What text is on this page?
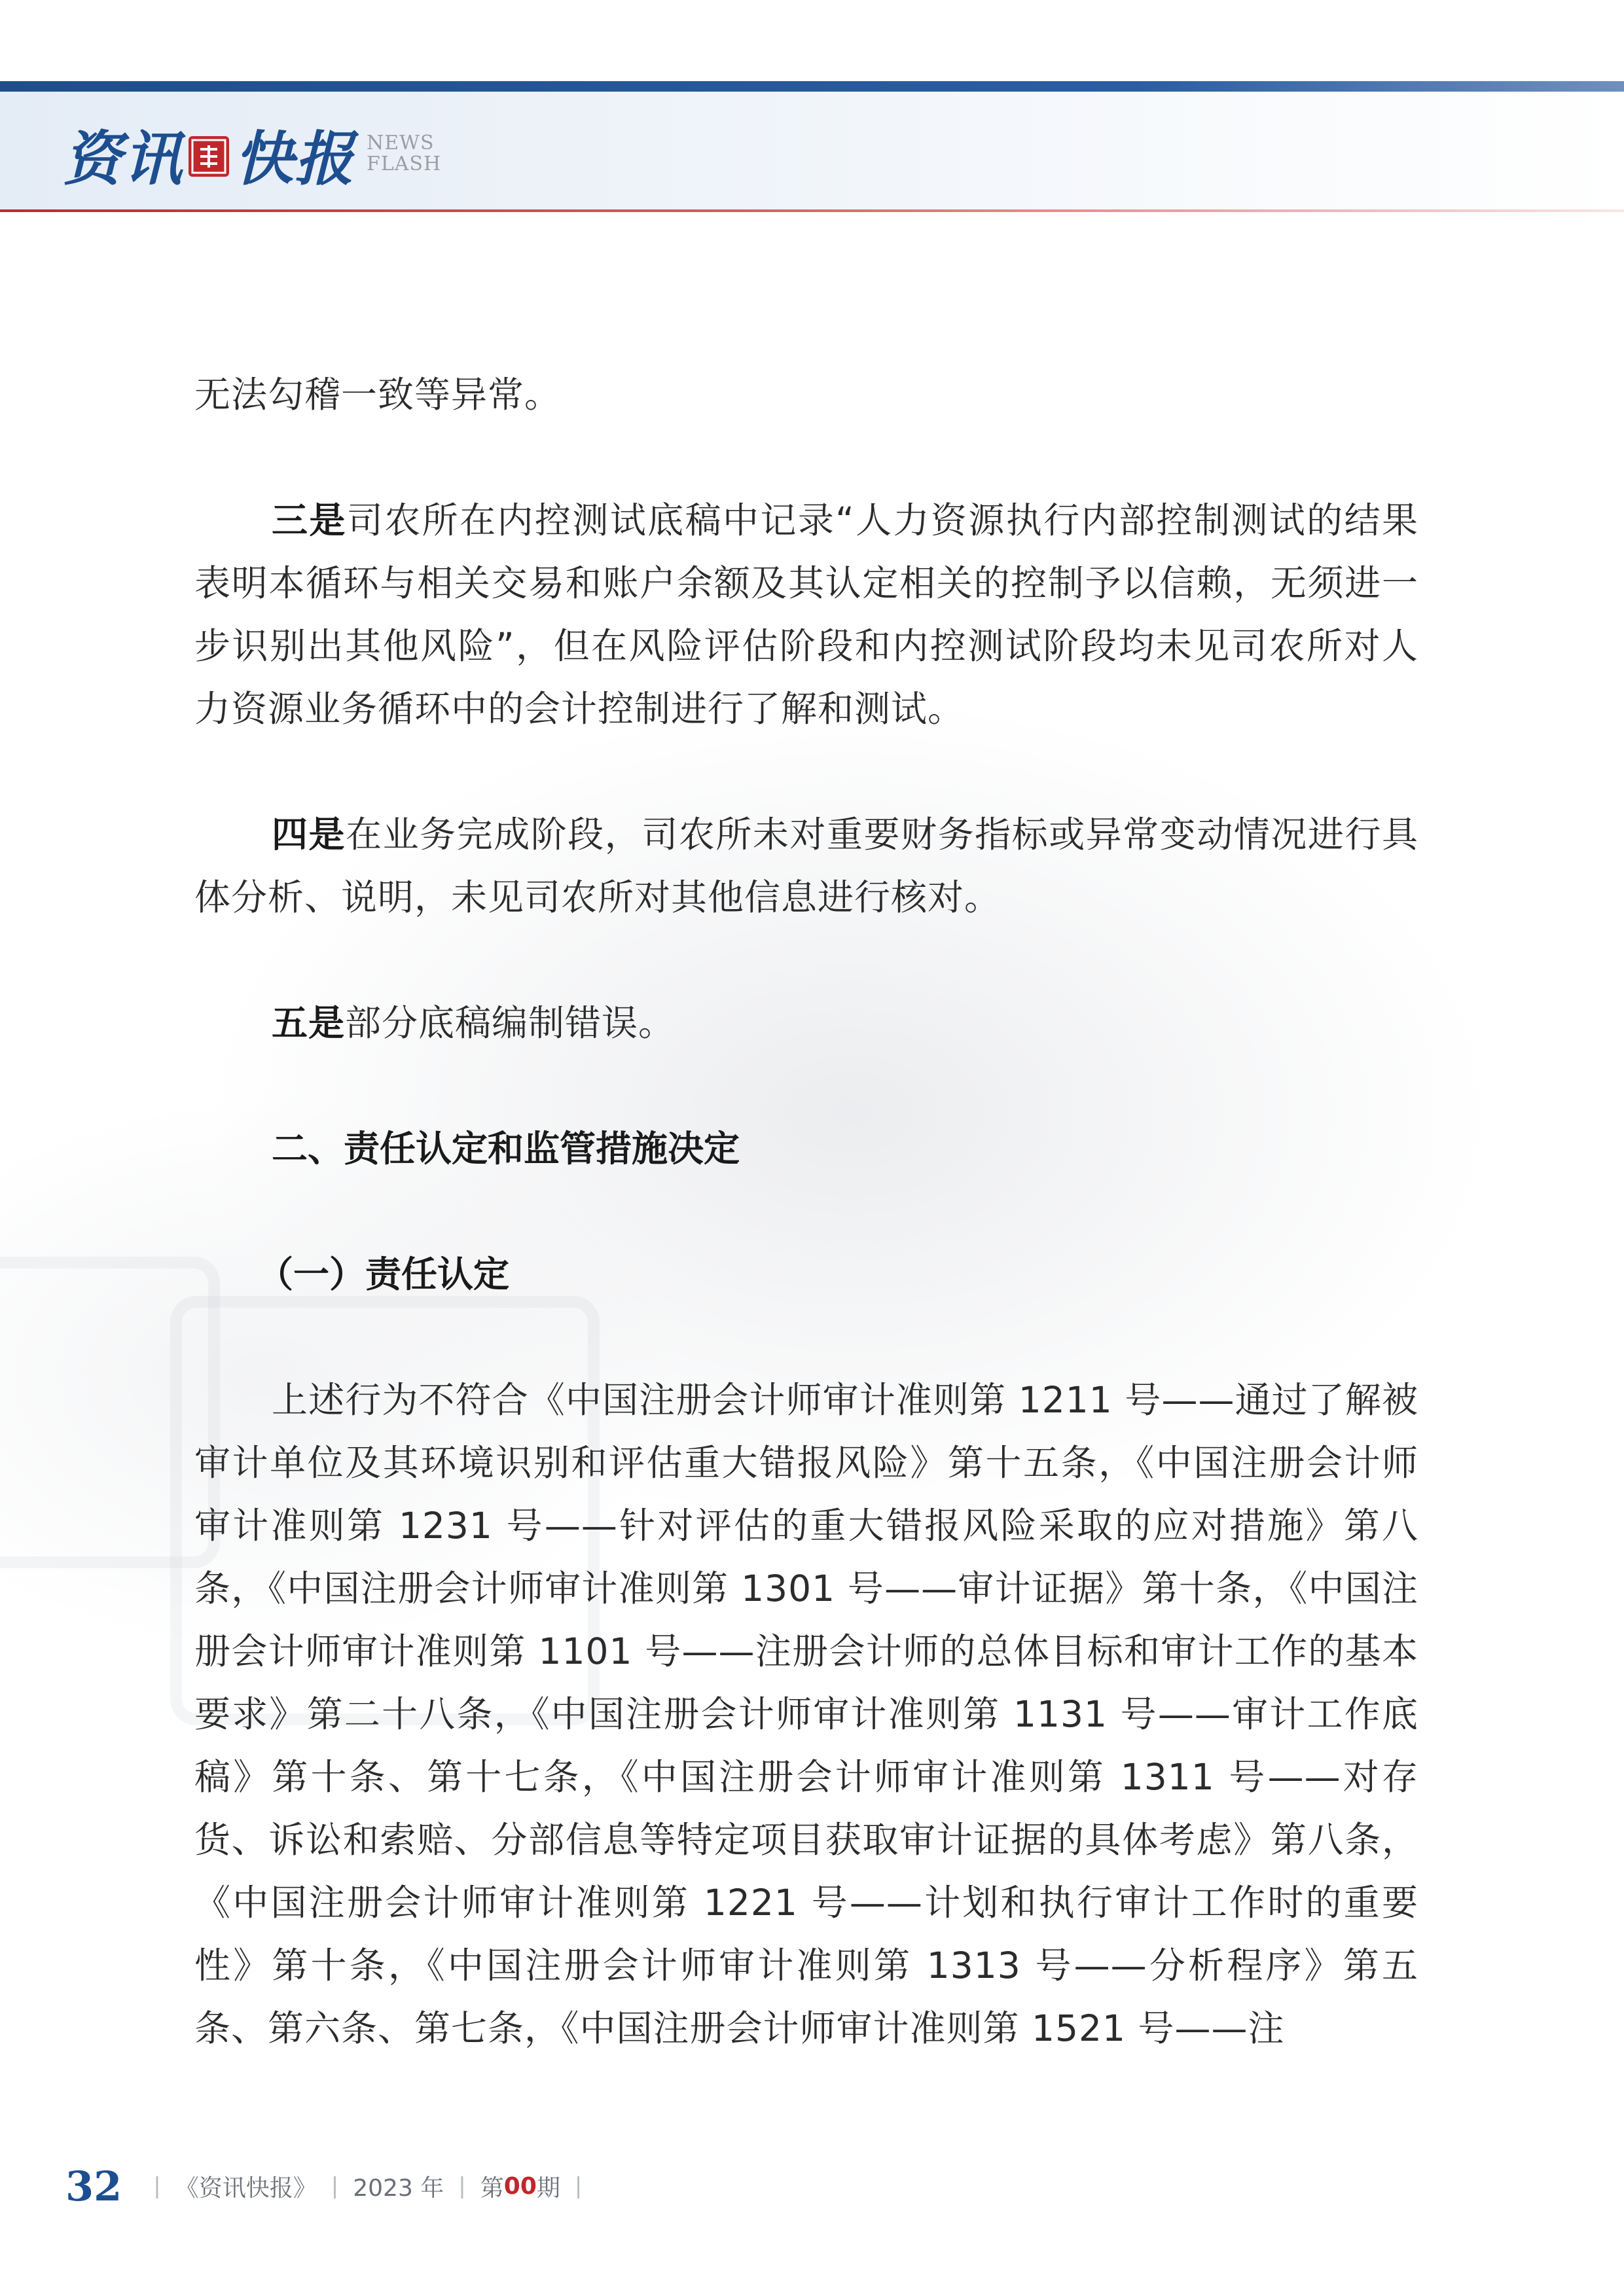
资讯 快报 NEWS
FLASH

无法勾稽一致等异常。

三是司农所在内控测试底稿中记录“人力资源执行内部控制测试的结果表明本循环与相关交易和账户余额及其认定相关的控制予以信赖，无须进一步识别出其他风险”，但在风险评估阶段和内控测试阶段均未见司农所对人力资源业务循环中的会计控制进行了解和测试。

四是在业务完成阶段，司农所未对重要财务指标或异常变动情况进行具体分析、说明，未见司农所对其他信息进行核对。

五是部分底稿编制错误。

二、责任认定和监管措施决定
（一）责任认定

上述行为不符合《中国注册会计师审计准则第 1211 号——通过了解被审计单位及其环境识别和评估重大错报风险》第十五条，《中国注册会计师审计准则第 1231 号——针对评估的重大错报风险采取的应对措施》第八条，《中国注册会计师审计准则第 1301 号——审计证据》第十条，《中国注册会计师审计准则第 1101 号——注册会计师的总体目标和审计工作的基本要求》第二十八条，《中国注册会计师审计准则第 1131 号——审计工作底稿》第十条、第十七条，《中国注册会计师审计准则第 1311 号——对存货、诉讼和索赔、分部信息等特定项目获取审计证据的具体考虑》第八条，《中国注册会计师审计准则第 1221 号——计划和执行审计工作时的重要性》第十条，《中国注册会计师审计准则第 1313 号——分析程序》第五条、第六条、第七条，《中国注册会计师审计准则第 1521 号——注

32 | 《资讯快报》 | 2023 年 | 第 00 期 |
